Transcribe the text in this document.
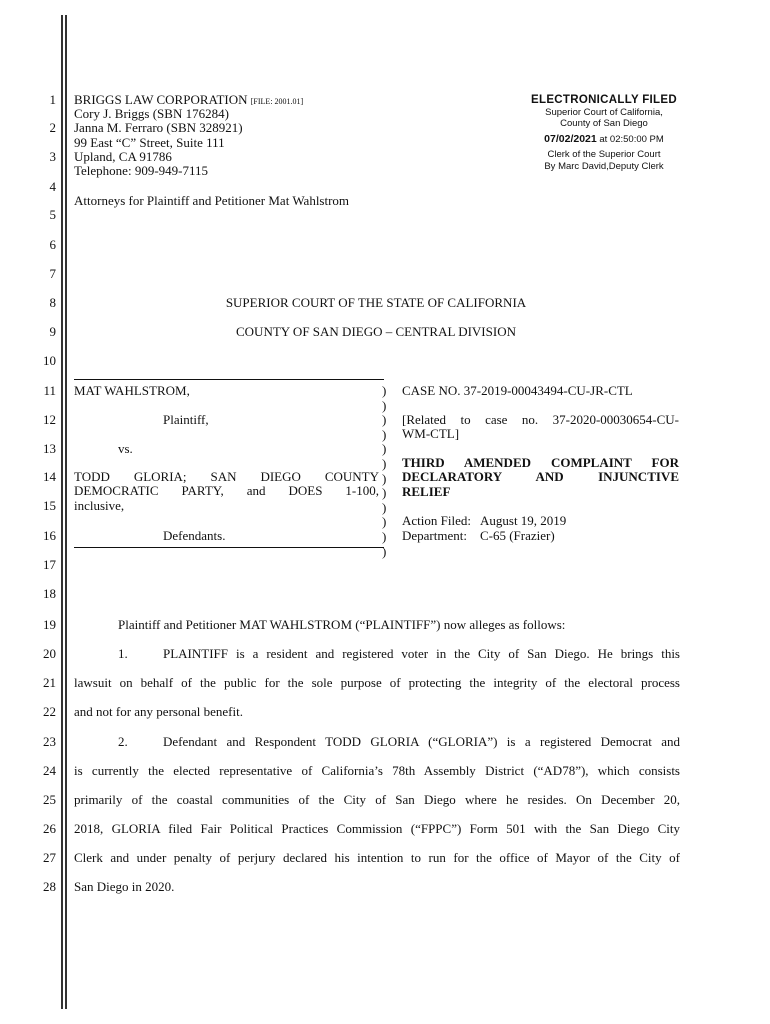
1
2
3
4
5
6
7
8
9
10
11
12
13
14
15
16
17
18
19
20
21
22
23
24
25
26
27
28
BRIGGS LAW CORPORATION [FILE: 2001.01]
Cory J. Briggs (SBN 176284)
Janna M. Ferraro (SBN 328921)
99 East “C” Street, Suite 111
Upland, CA 91786
Telephone: 909-949-7115
Attorneys for Plaintiff and Petitioner Mat Wahlstrom
ELECTRONICALLY FILED
Superior Court of California,
County of San Diego
07/02/2021 at 02:50:00 PM
Clerk of the Superior Court
By Marc David,Deputy Clerk
SUPERIOR COURT OF THE STATE OF CALIFORNIA
COUNTY OF SAN DIEGO – CENTRAL DIVISION
)
)
)
)
)
)
)
)
)
)
)
)
MAT WAHLSTROM,
Plaintiff,
vs.
TODD GLORIA; SAN DIEGO COUNTY
DEMOCRATIC PARTY, and DOES 1-100,
inclusive,
Defendants.
CASE NO. 37-2019-00043494-CU-JR-CTL
[Related to case no. 37-2020-00030654-CU-
WM-CTL]
THIRD AMENDED COMPLAINT FOR
DECLARATORY AND INJUNCTIVE
RELIEF
Action Filed:   August 19, 2019
Department:    C-65 (Frazier)
Plaintiff and Petitioner MAT WAHLSTROM (“PLAINTIFF”) now alleges as follows:
1.	PLAINTIFF is a resident and registered voter in the City of San Diego. He brings this
lawsuit on behalf of the public for the sole purpose of protecting the integrity of the electoral process
and not for any personal benefit.
2.	Defendant and Respondent TODD GLORIA (“GLORIA”) is a registered Democrat and
is currently the elected representative of California’s 78th Assembly District (“AD78”), which consists
primarily of the coastal communities of the City of San Diego where he resides. On December 20,
2018, GLORIA filed Fair Political Practices Commission (“FPPC”) Form 501 with the San Diego City
Clerk and under penalty of perjury declared his intention to run for the office of Mayor of the City of
San Diego in 2020.
